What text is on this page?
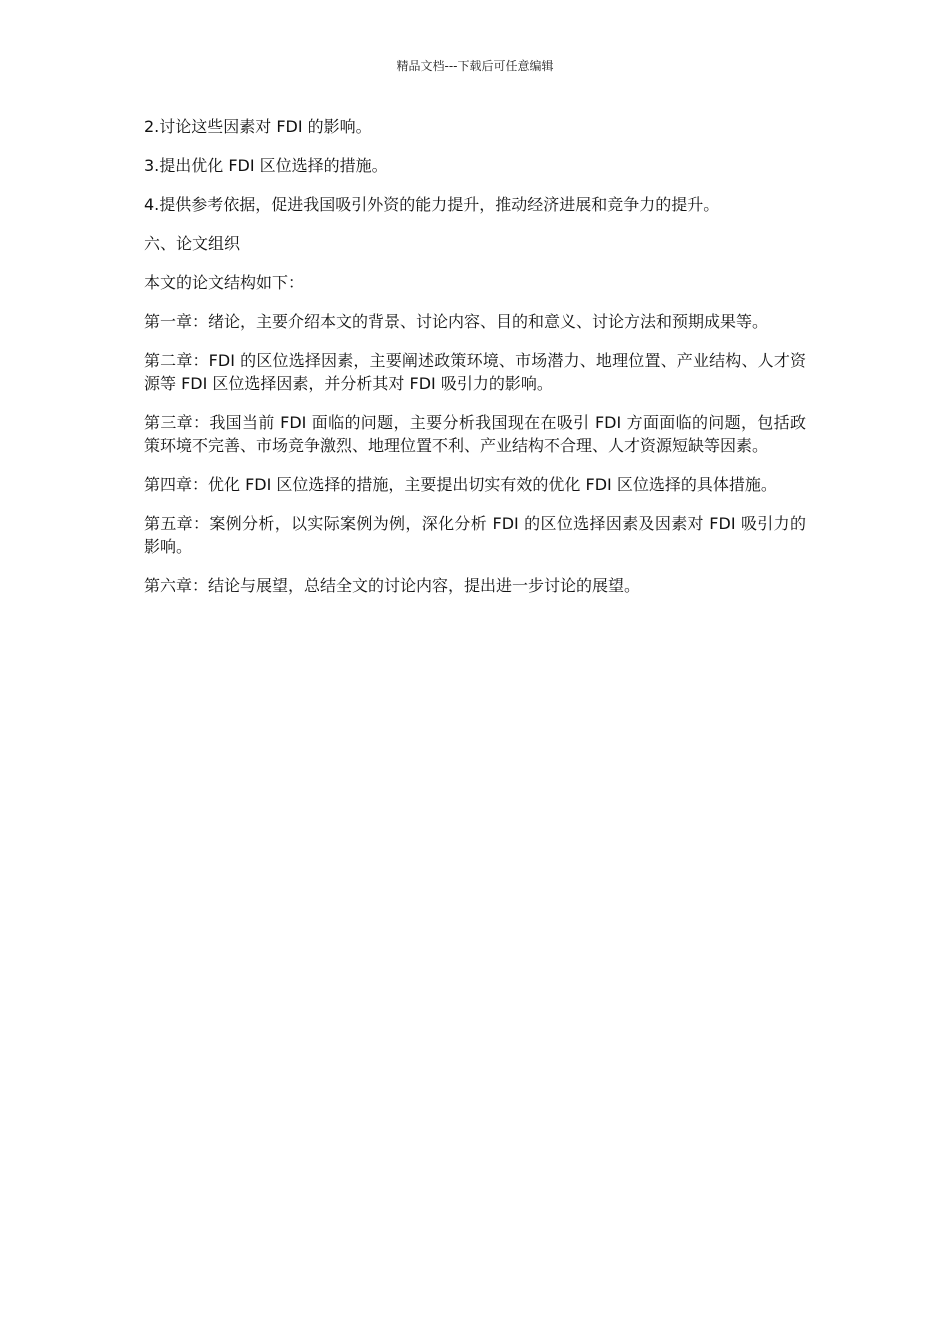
精品文档---下载后可任意编辑

2.讨论这些因素对 FDI 的影响。

3.提出优化 FDI 区位选择的措施。

4.提供参考依据，促进我国吸引外资的能力提升，推动经济进展和竞争力的提升。

六、论文组织

本文的论文结构如下：

第一章：绪论，主要介绍本文的背景、讨论内容、目的和意义、讨论方法和预期成果等。

第二章：FDI 的区位选择因素，主要阐述政策环境、市场潜力、地理位置、产业结构、人才资源等 FDI 区位选择因素，并分析其对 FDI 吸引力的影响。

第三章：我国当前 FDI 面临的问题，主要分析我国现在在吸引 FDI 方面面临的问题，包括政策环境不完善、市场竞争激烈、地理位置不利、产业结构不合理、人才资源短缺等因素。

第四章：优化 FDI 区位选择的措施，主要提出切实有效的优化 FDI 区位选择的具体措施。

第五章：案例分析，以实际案例为例，深化分析 FDI 的区位选择因素及因素对 FDI 吸引力的影响。

第六章：结论与展望，总结全文的讨论内容，提出进一步讨论的展望。
